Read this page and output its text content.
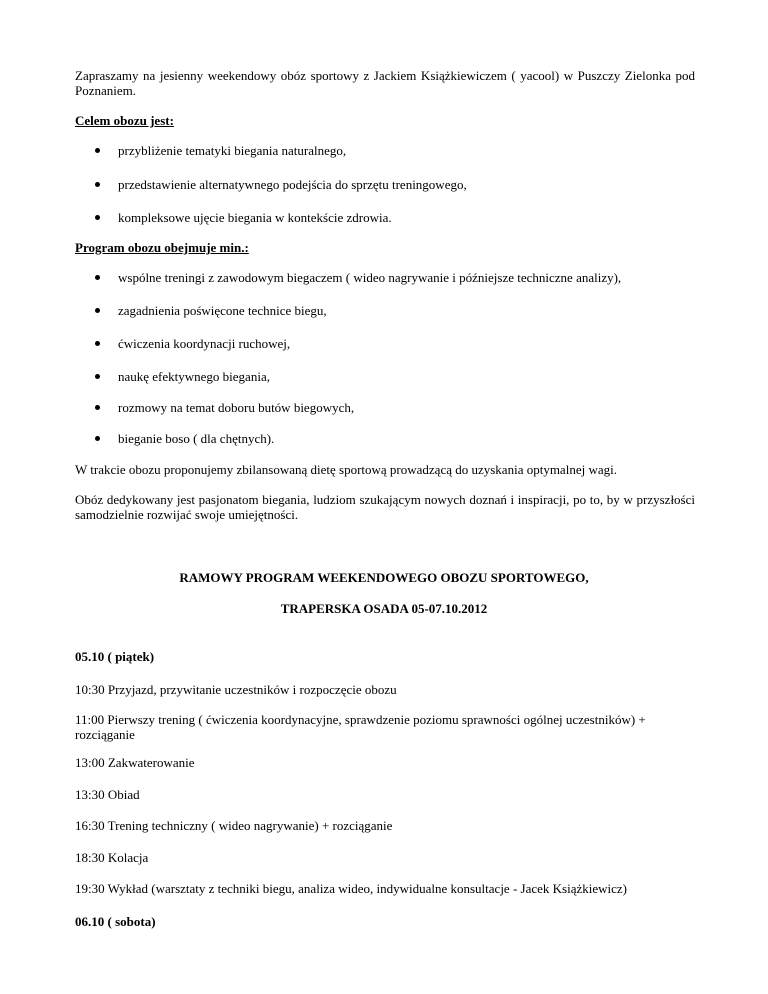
Zapraszamy na jesienny weekendowy obóz sportowy z Jackiem Książkiewiczem ( yacool) w Puszczy Zielonka pod Poznaniem.
Celem obozu jest:
przybliżenie tematyki biegania naturalnego,
przedstawienie alternatywnego podejścia do sprzętu treningowego,
kompleksowe ujęcie biegania w kontekście zdrowia.
Program obozu obejmuje min.:
wspólne treningi z zawodowym biegaczem ( wideo nagrywanie i późniejsze techniczne analizy),
zagadnienia poświęcone technice biegu,
ćwiczenia koordynacji ruchowej,
naukę efektywnego biegania,
rozmowy na temat doboru butów biegowych,
bieganie boso ( dla chętnych).
W trakcie obozu proponujemy zbilansowaną dietę sportową prowadzącą do uzyskania optymalnej wagi.
Obóz dedykowany jest pasjonatom biegania, ludziom szukającym nowych doznań i inspiracji, po to, by w przyszłości samodzielnie rozwijać swoje umiejętności.
RAMOWY PROGRAM WEEKENDOWEGO OBOZU SPORTOWEGO,
TRAPERSKA OSADA 05-07.10.2012
05.10 ( piątek)
10:30 Przyjazd, przywitanie uczestników i rozpoczęcie obozu
11:00 Pierwszy trening ( ćwiczenia koordynacyjne, sprawdzenie poziomu sprawności ogólnej uczestników) + rozciąganie
13:00 Zakwaterowanie
13:30 Obiad
16:30 Trening techniczny ( wideo nagrywanie) + rozciąganie
18:30 Kolacja
19:30 Wykład (warsztaty z techniki biegu, analiza wideo, indywidualne konsultacje - Jacek Książkiewicz)
06.10 ( sobota)
